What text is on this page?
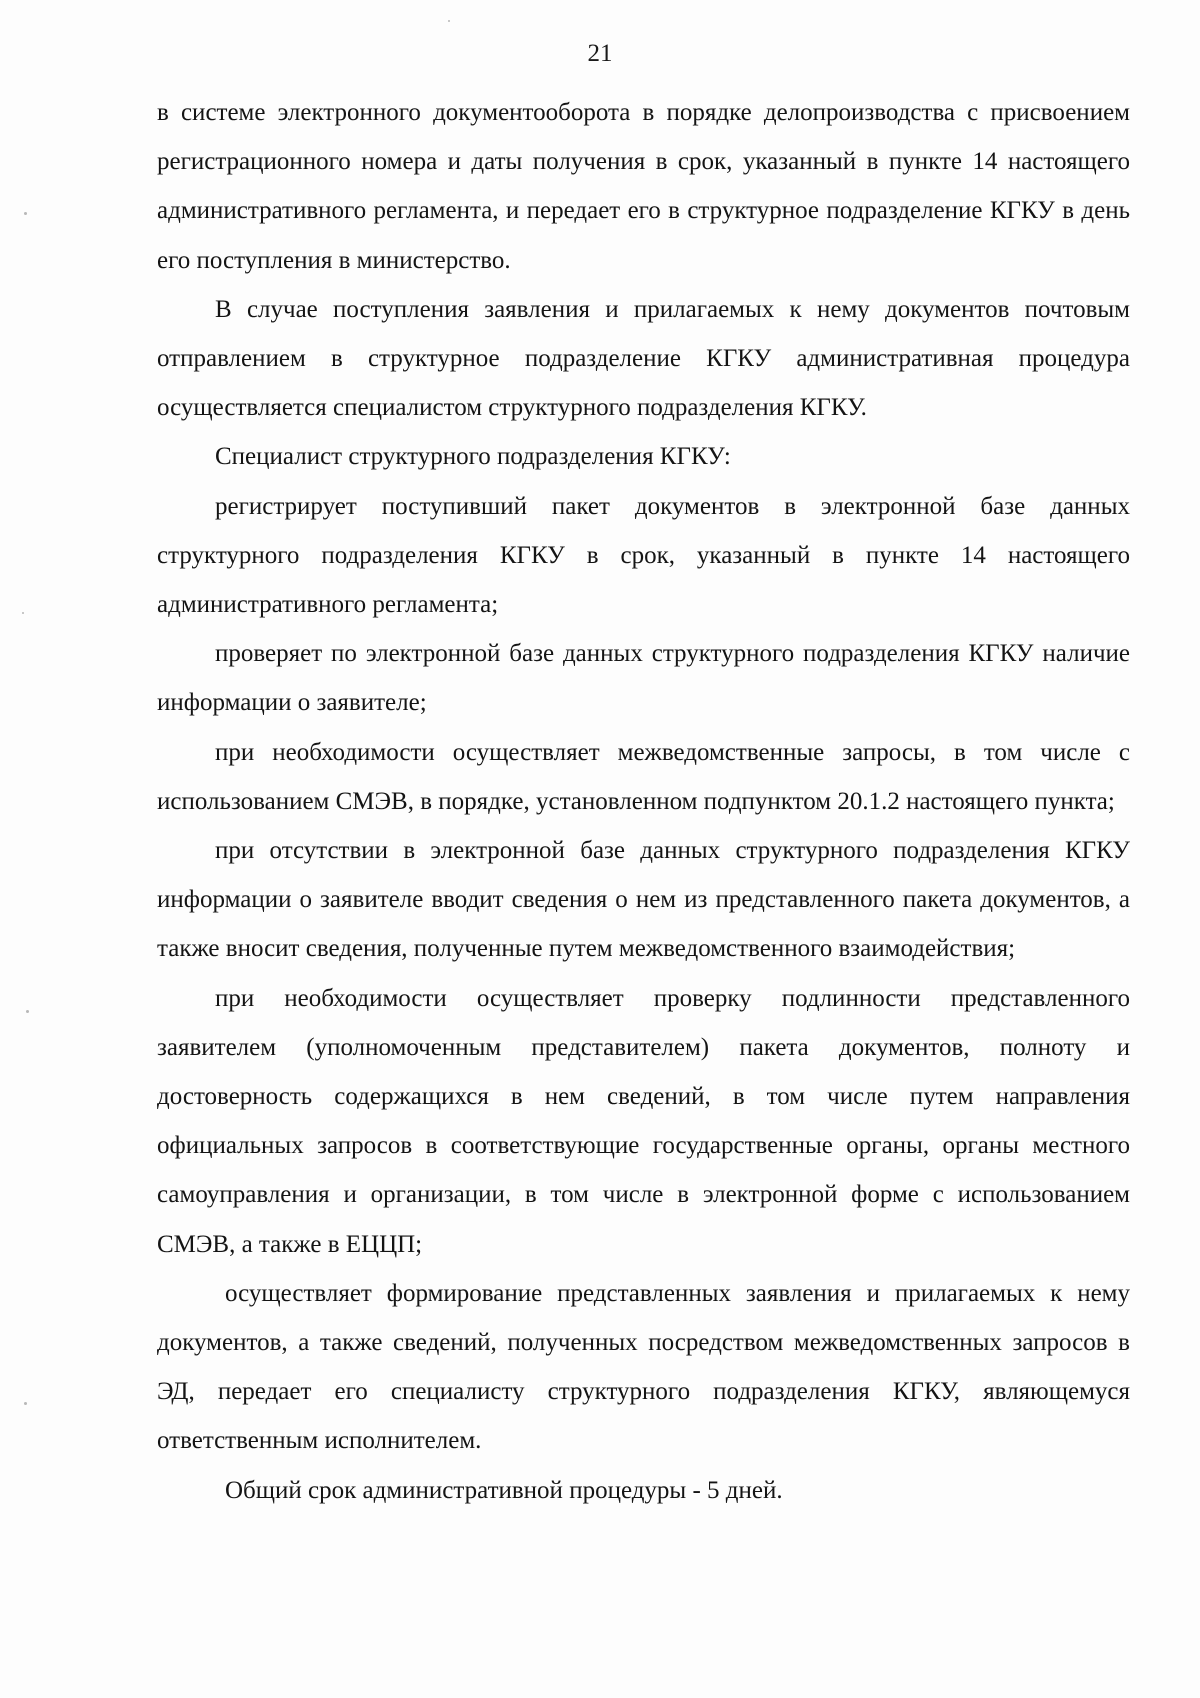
21

в системе электронного документооборота в порядке делопроизводства с присвоением регистрационного номера и даты получения в срок, указанный в пункте 14 настоящего административного регламента, и передает его в структурное подразделение КГКУ в день его поступления в министерство.

В случае поступления заявления и прилагаемых к нему документов почтовым отправлением в структурное подразделение КГКУ административная процедура осуществляется специалистом структурного подразделения КГКУ.

Специалист структурного подразделения КГКУ:

регистрирует поступивший пакет документов в электронной базе данных структурного подразделения КГКУ в срок, указанный в пункте 14 настоящего административного регламента;

проверяет по электронной базе данных структурного подразделения КГКУ наличие информации о заявителе;

при необходимости осуществляет межведомственные запросы, в том числе с использованием СМЭВ, в порядке, установленном подпунктом 20.1.2 настоящего пункта;

при отсутствии в электронной базе данных структурного подразделения КГКУ информации о заявителе вводит сведения о нем из представленного пакета документов, а также вносит сведения, полученные путем межведомственного взаимодействия;

при необходимости осуществляет проверку подлинности представленного заявителем (уполномоченным представителем) пакета документов, полноту и достоверность содержащихся в нем сведений, в том числе путем направления официальных запросов в соответствующие государственные органы, органы местного самоуправления и организации, в том числе в электронной форме с использованием СМЭВ, а также в ЕЦЦП;

осуществляет формирование представленных заявления и прилагаемых к нему документов, а также сведений, полученных посредством межведомственных запросов в ЭД, передает его специалисту структурного подразделения КГКУ, являющемуся ответственным исполнителем.

Общий срок административной процедуры - 5 дней.
